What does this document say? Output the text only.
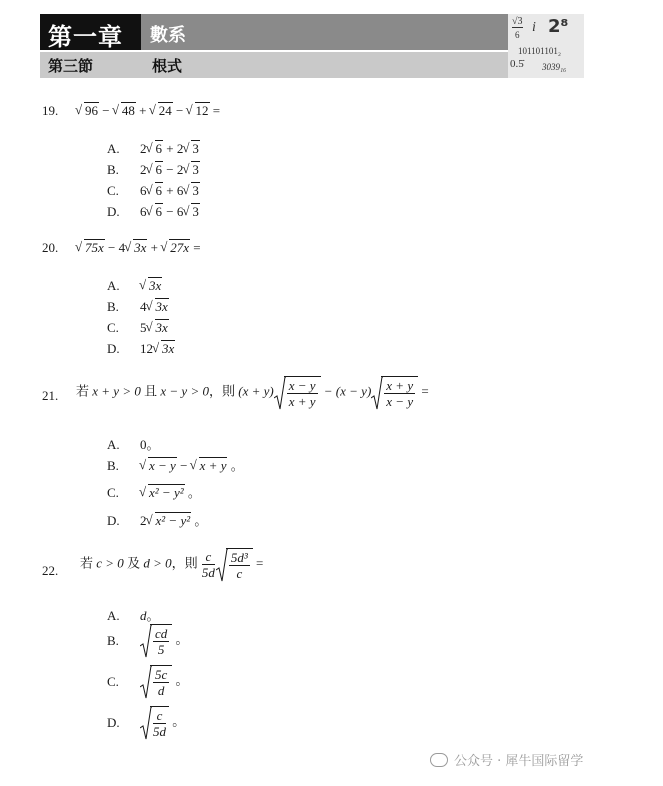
第一章 數系
第三節	根式
√3
6 i 2⁸
101101101₂
0.5̇ 3039₁₆
19.	√ 96 − √ 48 + √ 24 − √ 12 =
A. 2 √ 6 + 2 √ 3
B. 2 √ 6 − 2 √ 3
C. 6 √ 6 + 6 √ 3
D. 6 √ 6 − 6 √ 3
20.	√ 75x − 4 √ 3x + √ 27x =
A. √ 3x
B. 4 √ 3x
C. 5 √ 3x
D. 12 √ 3x
21. 若 x + y > 0 且 x − y > 0，則 $(x + y) \frac{x - y}{x + y} - (x - y) \frac{x + y}{x - y}$ =
A. 0。
B. √ x − y − √ x + y 。
C. √ x² − y² 。
D. 2 √ x² − y² 。
22.
若 c > 0 及 d > 0，則 $\frac{c}{5d} \frac{\text{5d³}}{c}$ =
A. d。
B.	$\frac{cd}{5}$ 。
C.	$\frac{5c}{d}$ 。
D.	$\frac{c}{5d}$ 。
公众号 · 犀牛国际留学
